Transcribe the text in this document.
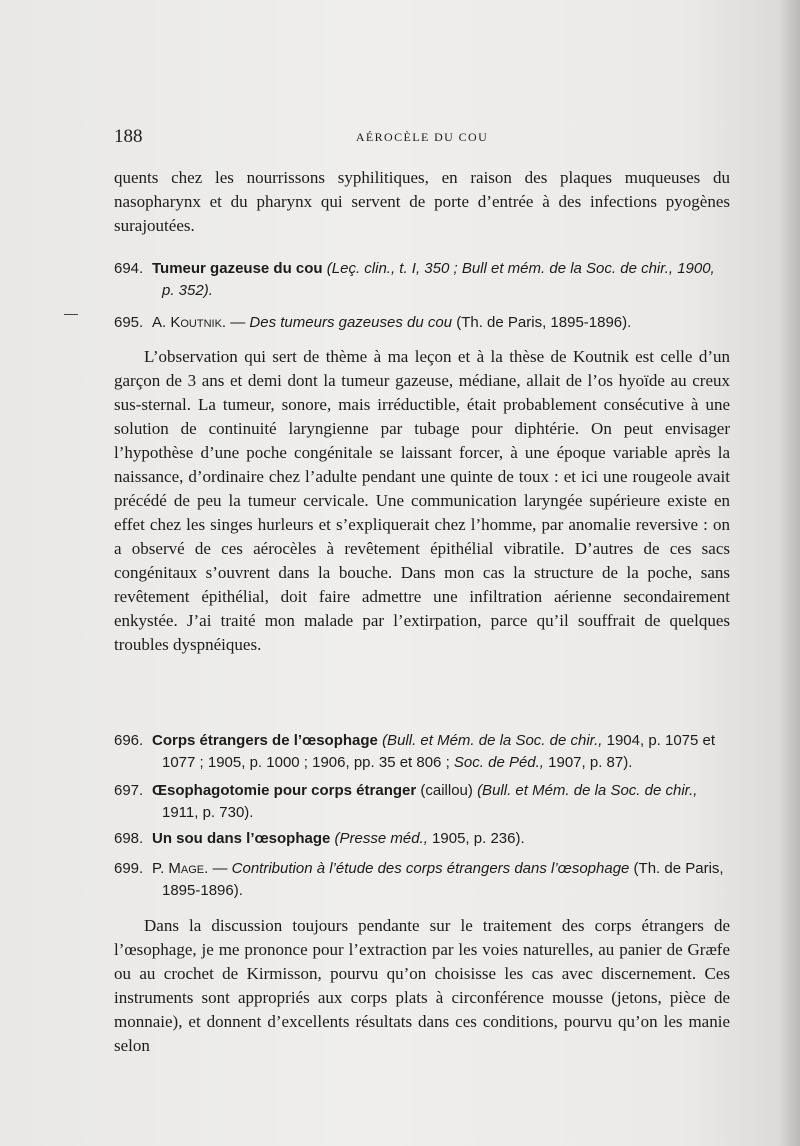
188	AÉROCÈLE DU COU

quents chez les nourrissons syphilitiques, en raison des plaques muqueuses du nasopharynx et du pharynx qui servent de porte d’entrée à des infections pyogènes surajoutées.

694. Tumeur gazeuse du cou (Leç. clin., t. I, 350 ; Bull et mém. de la Soc. de chir., 1900, p. 352).
695. A. Koutnik. — Des tumeurs gazeuses du cou (Th. de Paris, 1895-1896).

L’observation qui sert de thème à ma leçon et à la thèse de Koutnik est celle d’un garçon de 3 ans et demi dont la tumeur gazeuse, médiane, allait de l’os hyoïde au creux sus-sternal. La tumeur, sonore, mais irréductible, était probablement consécutive à une solution de continuité laryngienne par tubage pour diphtérie. On peut envisager l’hypothèse d’une poche congénitale se laissant forcer, à une époque variable après la naissance, d’ordinaire chez l’adulte pendant une quinte de toux : et ici une rougeole avait précédé de peu la tumeur cervicale. Une communication laryngée supérieure existe en effet chez les singes hurleurs et s’expliquerait chez l’homme, par anomalie reversive : on a observé de ces aérocèles à revêtement épithélial vibratile. D’autres de ces sacs congénitaux s’ouvrent dans la bouche. Dans mon cas la structure de la poche, sans revêtement épithélial, doit faire admettre une infiltration aérienne secondairement enkystée. J’ai traité mon malade par l’extirpation, parce qu’il souffrait de quelques troubles dyspnéiques.

696. Corps étrangers de l’œsophage (Bull. et Mém. de la Soc. de chir., 1904, p. 1075 et 1077 ; 1905, p. 1000 ; 1906, pp. 35 et 806 ; Soc. de Péd., 1907, p. 87).
697. Œsophagotomie pour corps étranger (caillou) (Bull. et Mém. de la Soc. de chir., 1911, p. 730).
698. Un sou dans l’œsophage (Presse méd., 1905, p. 236).
699. P. Mage. — Contribution à l’étude des corps étrangers dans l’œsophage (Th. de Paris, 1895-1896).

Dans la discussion toujours pendante sur le traitement des corps étrangers de l’œsophage, je me prononce pour l’extraction par les voies naturelles, au panier de Græfe ou au crochet de Kirmisson, pourvu qu’on choisisse les cas avec discernement. Ces instruments sont appropriés aux corps plats à circonférence mousse (jetons, pièce de monnaie), et donnent d’excellents résultats dans ces conditions, pourvu qu’on les manie selon
